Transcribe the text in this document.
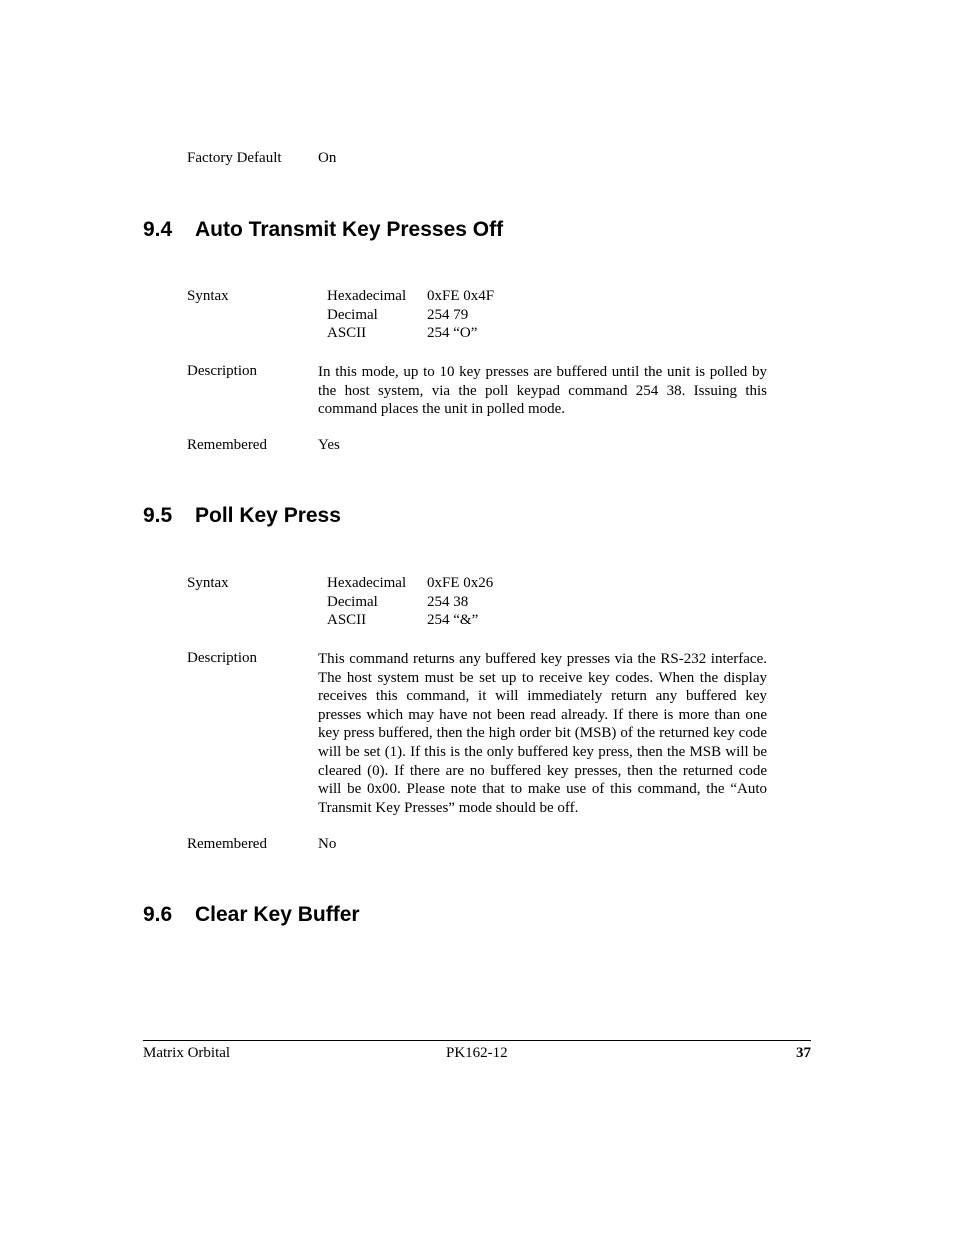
Factory Default On
9.4 Auto Transmit Key Presses Off
Syntax	Hexadecimal	0xFE 0x4F
Decimal	254 79
ASCII	254 “O”
Description	In this mode, up to 10 key presses are buffered until the unit is polled by the host system, via the poll keypad command 254 38. Issuing this command places the unit in polled mode.
Remembered	Yes
9.5 Poll Key Press
Syntax	Hexadecimal	0xFE 0x26
Decimal	254 38
ASCII	254 “&”
Description	This command returns any buffered key presses via the RS-232 interface. The host system must be set up to receive key codes. When the display receives this command, it will immediately return any buffered key presses which may have not been read already. If there is more than one key press buffered, then the high order bit (MSB) of the returned key code will be set (1). If this is the only buffered key press, then the MSB will be cleared (0). If there are no buffered key presses, then the returned code will be 0x00. Please note that to make use of this command, the “Auto Transmit Key Presses” mode should be off.
Remembered	No
9.6 Clear Key Buffer
Matrix Orbital	PK162-12	37
